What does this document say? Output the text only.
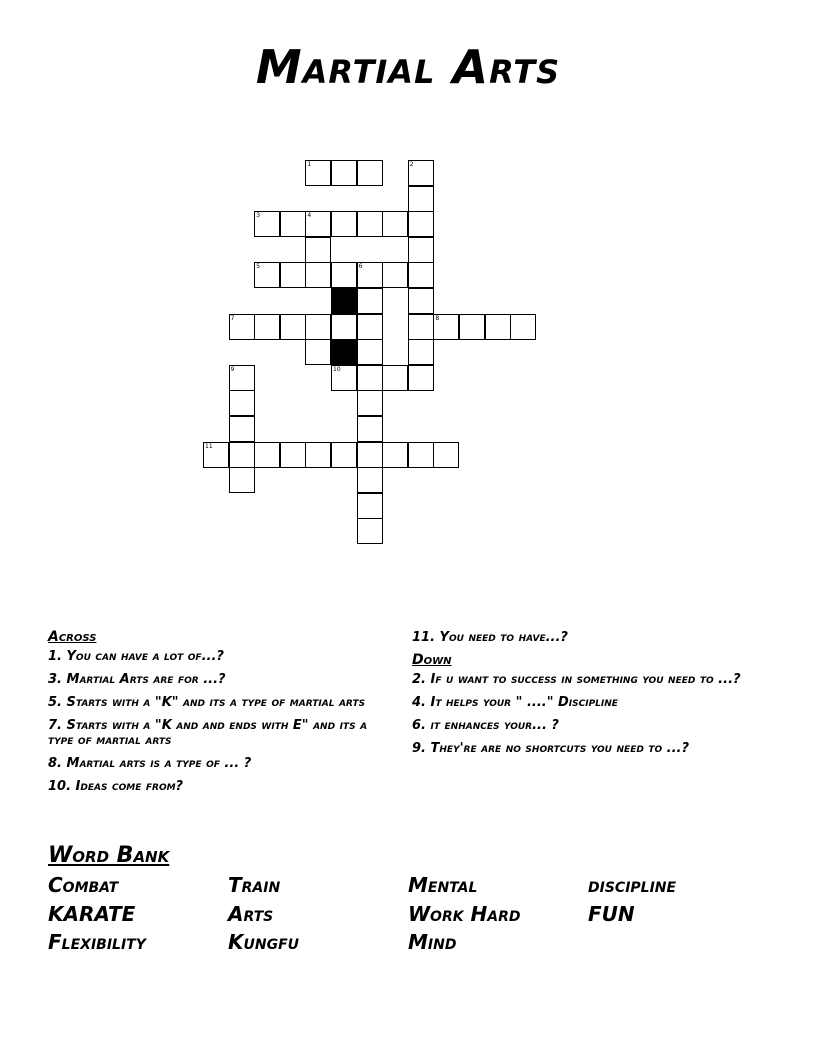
Martial Arts
1	2
3	4
5	6
7	8
10
9
11
Across
1. You can have a lot of...?
3. Martial Arts are for ...?
5. Starts with a "K" and its a type of martial arts
7. Starts with a "K and and ends with E" and its a type of martial arts
8. Martial arts is a type of ... ?
10. Ideas come from?
11. You need to have...?
Down
2. If u want to success in something you need to ...?
4. It helps your " ...." Discipline
6. it enhances your... ?
9. They're are no shortcuts you need to ...?
Word Bank
Combat	Train	Mental	discipline
KARATE	Arts	Work Hard	FUN
Flexibility	Kungfu	Mind
